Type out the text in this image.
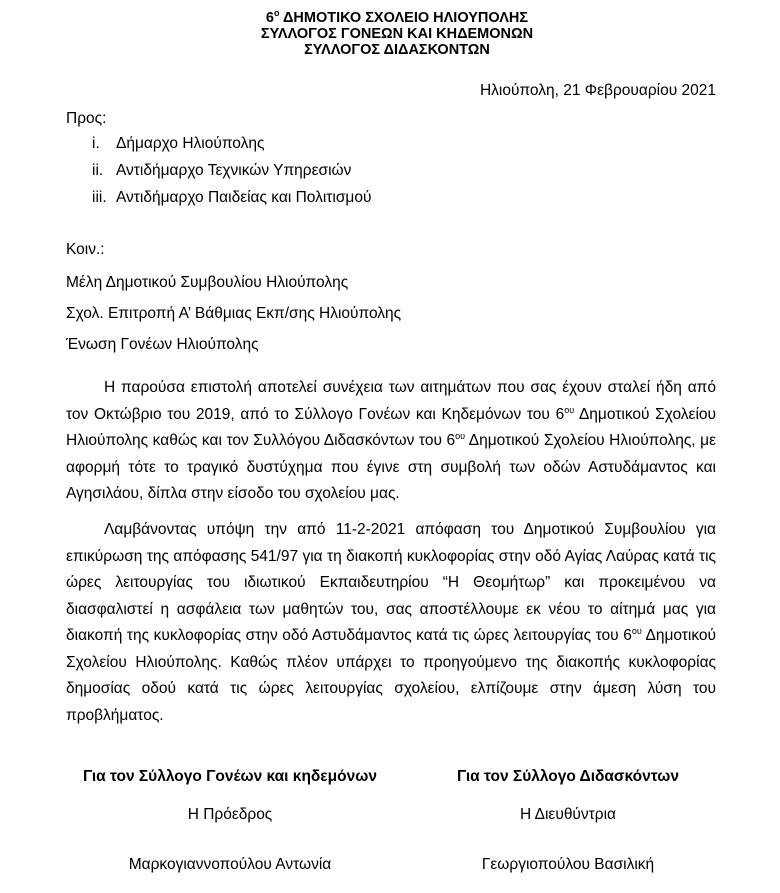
$6^o$ ΔΗΜΟΤΙΚΟ ΣΧΟΛΕΙΟ ΗΛΙΟΥΠΟΛΗΣ
ΣΥΛΛΟΓΟΣ ΓΟΝΕΩΝ ΚΑΙ ΚΗΔΕΜΟΝΩΝ
ΣΥΛΛΟΓΟΣ ΔΙΔΑΣΚΟΝΤΩΝ
Ηλιούπολη, 21 Φεβρουαρίου 2021
Προς:
i.	Δήμαρχο Ηλιούπολης
ii. Αντιδήμαρχο Τεχνικών Υπηρεσιών
iii. Αντιδήμαρχο Παιδείας και Πολιτισμού
Κοιν.:
Μέλη Δημοτικού Συμβουλίου Ηλιούπολης
Σχολ. Επιτροπή Α’ Βάθμιας Εκπ/σης Ηλιούπολης
Ένωση Γονέων Ηλιούπολης
Η παρούσα επιστολή αποτελεί συνέχεια των αιτημάτων που σας έχουν σταλεί ήδη από τον Οκτώβριο του 2019, από το Σύλλογο Γονέων και Κηδεμόνων του $6^{o\upsilon}$ Δημοτικού Σχολείου Ηλιούπολης καθώς και τον Συλλόγου Διδασκόντων του $6^{o\upsilon}$ Δημοτικού Σχολείου Ηλιούπολης, με αφορμή τότε το τραγικό δυστύχημα που έγινε στη συμβολή των οδών Αστυδάμαντος και Αγησιλάου, δίπλα στην είσοδο του σχολείου μας.
Λαμβάνοντας υπόψη την από 11-2-2021 απόφαση του Δημοτικού Συμβουλίου για επικύρωση της απόφασης 541/97 για τη διακοπή κυκλοφορίας στην οδό Αγίας Λαύρας κατά τις ώρες λειτουργίας του ιδιωτικού Εκπαιδευτηρίου “Η Θεομήτωρ” και προκειμένου να διασφαλιστεί η ασφάλεια των μαθητών του, σας αποστέλλουμε εκ νέου το αίτημά μας για διακοπή της κυκλοφορίας στην οδό Αστυδάμαντος κατά τις ώρες λειτουργίας του $6^{o\upsilon}$ Δημοτικού Σχολείου Ηλιούπολης. Καθώς πλέον υπάρχει το προηγούμενο της διακοπής κυκλοφορίας δημοσίας οδού κατά τις ώρες λειτουργίας σχολείου, ελπίζουμε στην άμεση λύση του προβλήματος.
Για τον Σύλλογο Γονέων και κηδεμόνων
Η Πρόεδρος
Μαρκογιαννοπούλου Αντωνία
Για τον Σύλλογο Διδασκόντων
Η Διευθύντρια
Γεωργιοπούλου Βασιλική
